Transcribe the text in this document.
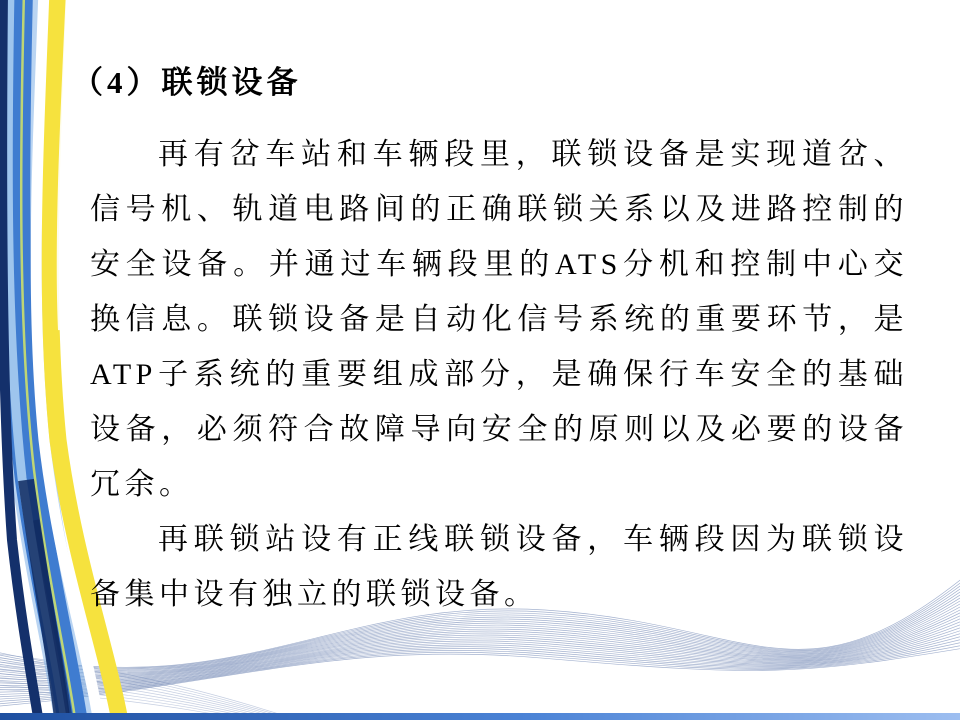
（4）联锁设备

再有岔车站和车辆段里，联锁设备是实现道岔、信号机、轨道电路间的正确联锁关系以及进路控制的安全设备。并通过车辆段里的ATS分机和控制中心交换信息。联锁设备是自动化信号系统的重要环节，是ATP子系统的重要组成部分，是确保行车安全的基础设备，必须符合故障导向安全的原则以及必要的设备冗余。

再联锁站设有正线联锁设备，车辆段因为联锁设备集中设有独立的联锁设备。
